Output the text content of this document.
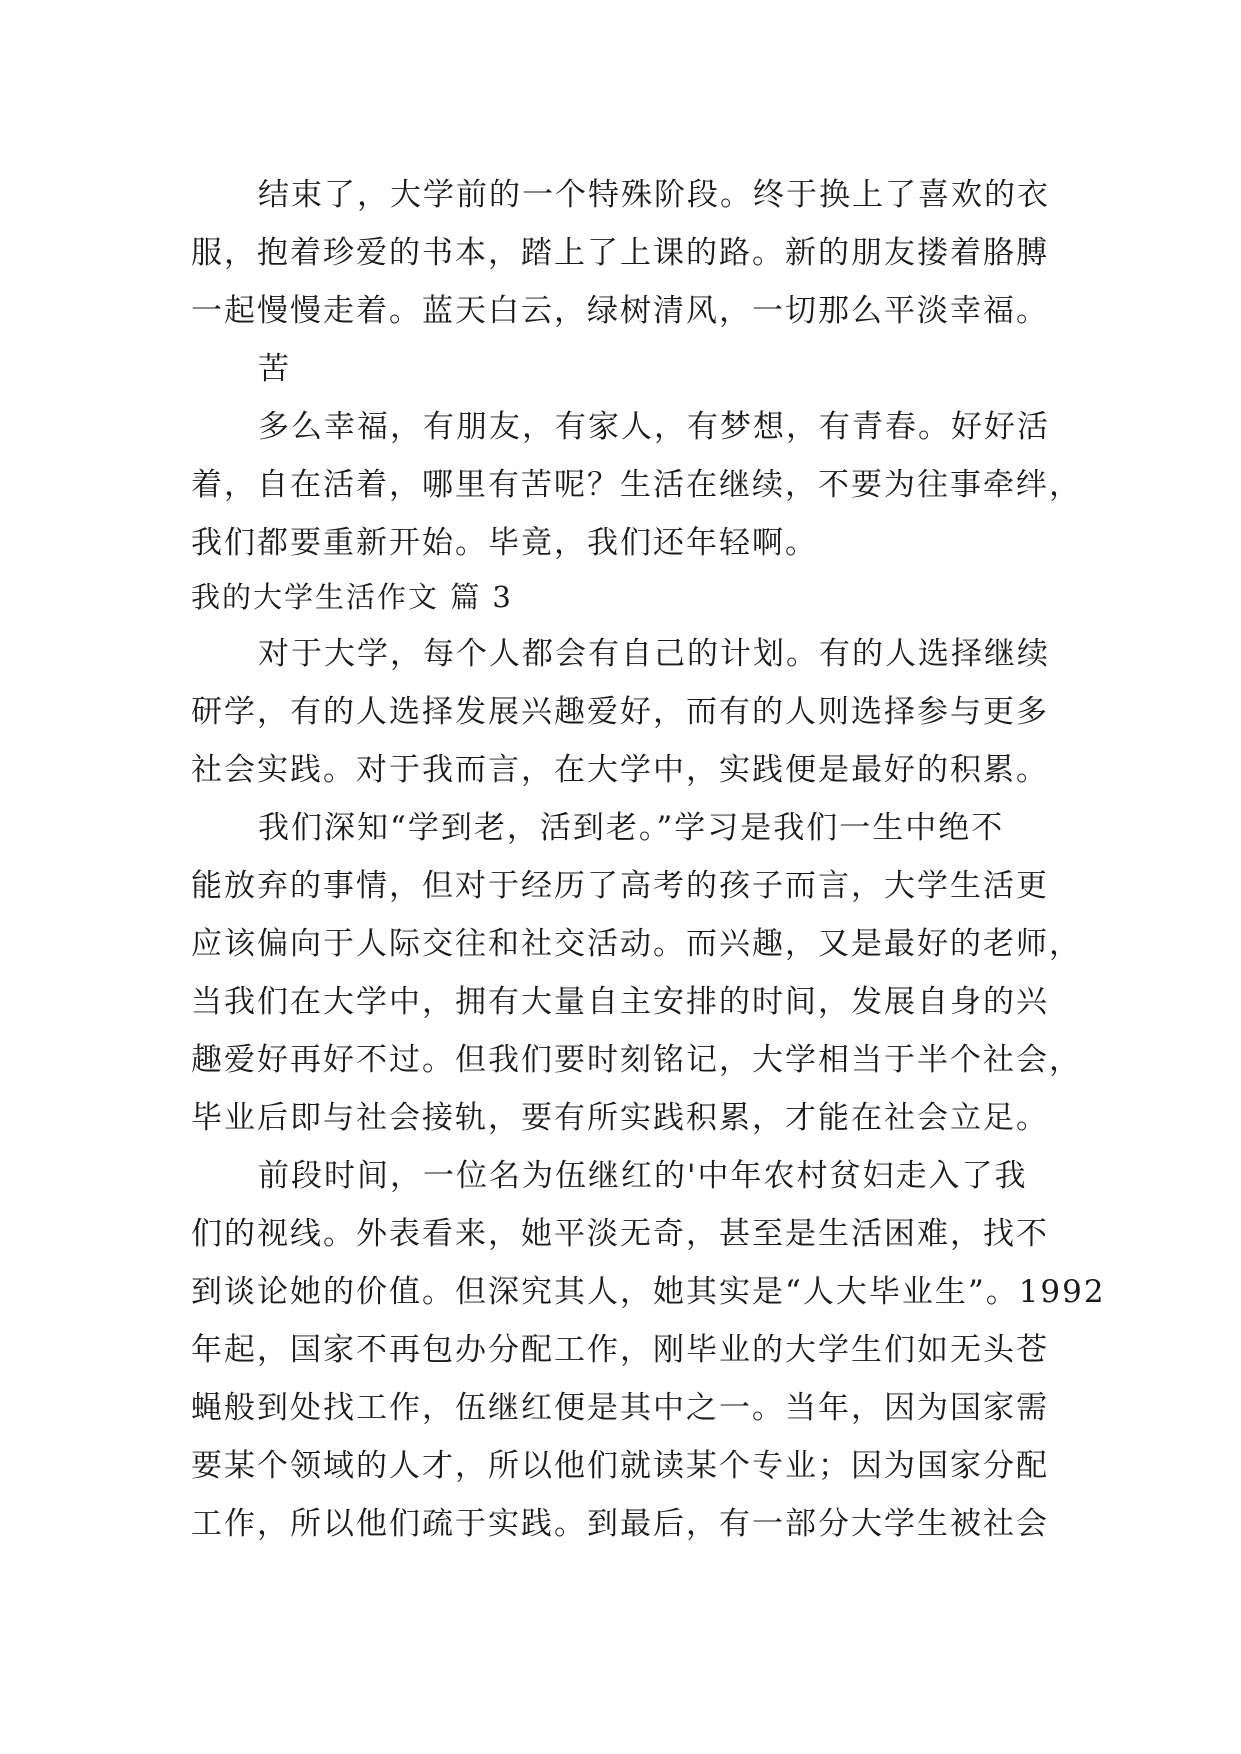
结束了，大学前的一个特殊阶段。终于换上了喜欢的衣
服，抱着珍爱的书本，踏上了上课的路。新的朋友搂着胳膊
一起慢慢走着。蓝天白云，绿树清风，一切那么平淡幸福。
苦
多么幸福，有朋友，有家人，有梦想，有青春。好好活
着，自在活着，哪里有苦呢？生活在继续，不要为往事牵绊，
我们都要重新开始。毕竟，我们还年轻啊。
我的大学生活作文 篇 3
对于大学，每个人都会有自己的计划。有的人选择继续
研学，有的人选择发展兴趣爱好，而有的人则选择参与更多
社会实践。对于我而言，在大学中，实践便是最好的积累。
我们深知“学到老，活到老。”学习是我们一生中绝不
能放弃的事情，但对于经历了高考的孩子而言，大学生活更
应该偏向于人际交往和社交活动。而兴趣，又是最好的老师，
当我们在大学中，拥有大量自主安排的时间，发展自身的兴
趣爱好再好不过。但我们要时刻铭记，大学相当于半个社会，
毕业后即与社会接轨，要有所实践积累，才能在社会立足。
前段时间，一位名为伍继红的'中年农村贫妇走入了我
们的视线。外表看来，她平淡无奇，甚至是生活困难，找不
到谈论她的价值。但深究其人，她其实是“人大毕业生”。1992
年起，国家不再包办分配工作，刚毕业的大学生们如无头苍
蝇般到处找工作，伍继红便是其中之一。当年，因为国家需
要某个领域的人才，所以他们就读某个专业；因为国家分配
工作，所以他们疏于实践。到最后，有一部分大学生被社会
